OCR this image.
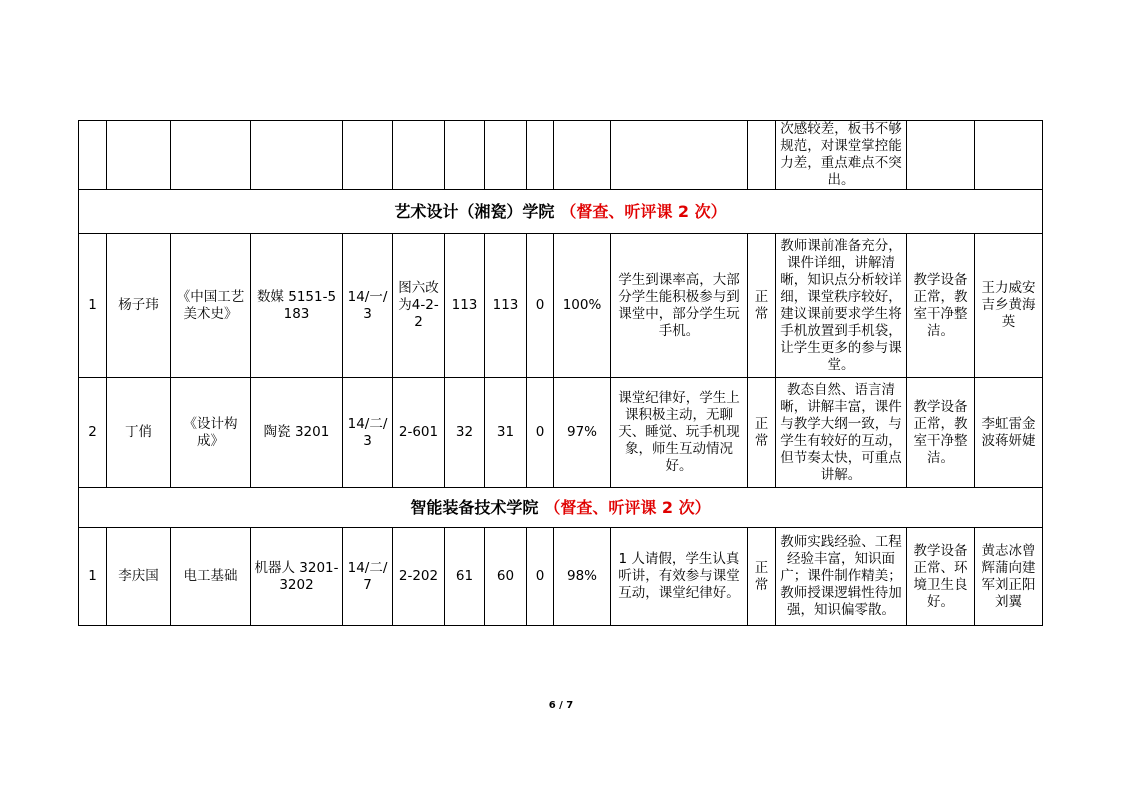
												次感较差，板书不够规范，对课堂掌控能力差，重点难点不突出。		
艺术设计（湘瓷）学院 （督查、听评课 2 次）														
1	杨子玮	《中国工艺美术史》	数媒 5151-5183	14/一/3	图六改为4-2-2	113	113	0	100%	学生到课率高，大部分学生能积极参与到课堂中，部分学生玩手机。	正常	教师课前准备充分，课件详细，讲解清晰，知识点分析较详细，课堂秩序较好，建议课前要求学生将手机放置到手机袋，让学生更多的参与课堂。	教学设备正常，教室干净整洁。	王力威安吉乡黄海英
2	丁俏	《设计构成》	陶瓷 3201	14/二/3	2-601	32	31	0	97%	课堂纪律好，学生上课积极主动，无聊天、睡觉、玩手机现象，师生互动情况好。	正常	教态自然、语言清晰，讲解丰富，课件与教学大纲一致，与学生有较好的互动，但节奏太快，可重点讲解。	教学设备正常，教室干净整洁。	李虹雷金波蒋妍婕
智能装备技术学院 （督查、听评课 2 次）														
1	李庆国	电工基础	机器人 3201-3202	14/二/7	2-202	61	60	0	98%	1 人请假，学生认真听讲，有效参与课堂互动，课堂纪律好。	正常	教师实践经验、工程经验丰富，知识面广；课件制作精美；教师授课逻辑性待加强，知识偏零散。	教学设备正常、环境卫生良好。	黄志冰曾辉蒲向建军刘正阳刘翼
6 / 7
